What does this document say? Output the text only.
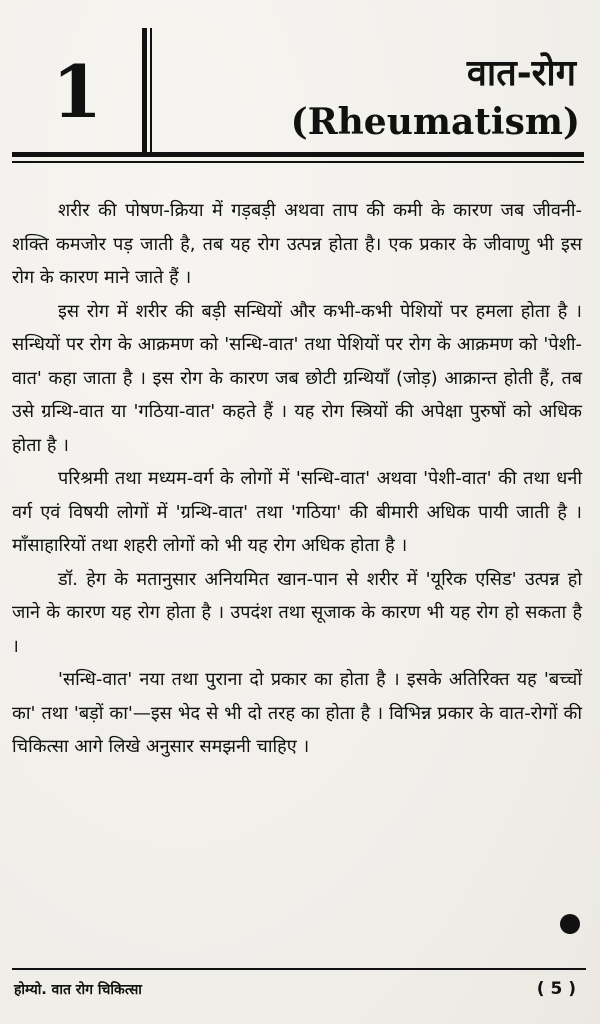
1	वात-रोग
(Rheumatism)

शरीर की पोषण-क्रिया में गड़बड़ी अथवा ताप की कमी के कारण जब जीवनी-शक्ति कमजोर पड़ जाती है, तब यह रोग उत्पन्न होता है। एक प्रकार के जीवाणु भी इस रोग के कारण माने जाते हैं ।

इस रोग में शरीर की बड़ी सन्धियों और कभी-कभी पेशियों पर हमला होता है । सन्धियों पर रोग के आक्रमण को 'सन्धि-वात' तथा पेशियों पर रोग के आक्रमण को 'पेशी-वात' कहा जाता है । इस रोग के कारण जब छोटी ग्रन्थियाँ (जोड़) आक्रान्त होती हैं, तब उसे ग्रन्थि-वात या 'गठिया-वात' कहते हैं । यह रोग स्त्रियों की अपेक्षा पुरुषों को अधिक होता है ।

परिश्रमी तथा मध्यम-वर्ग के लोगों में 'सन्धि-वात' अथवा 'पेशी-वात' की तथा धनी वर्ग एवं विषयी लोगों में 'ग्रन्थि-वात' तथा 'गठिया' की बीमारी अधिक पायी जाती है । माँसाहारियों तथा शहरी लोगों को भी यह रोग अधिक होता है ।

डॉ. हेग के मतानुसार अनियमित खान-पान से शरीर में 'यूरिक एसिड' उत्पन्न हो जाने के कारण यह रोग होता है । उपदंश तथा सूजाक के कारण भी यह रोग हो सकता है ।

'सन्धि-वात' नया तथा पुराना दो प्रकार का होता है । इसके अतिरिक्त यह 'बच्चों का' तथा 'बड़ों का'—इस भेद से भी दो तरह का होता है । विभिन्न प्रकार के वात-रोगों की चिकित्सा आगे लिखे अनुसार समझनी चाहिए ।

होम्यो. वात रोग चिकित्सा	( 5 )
